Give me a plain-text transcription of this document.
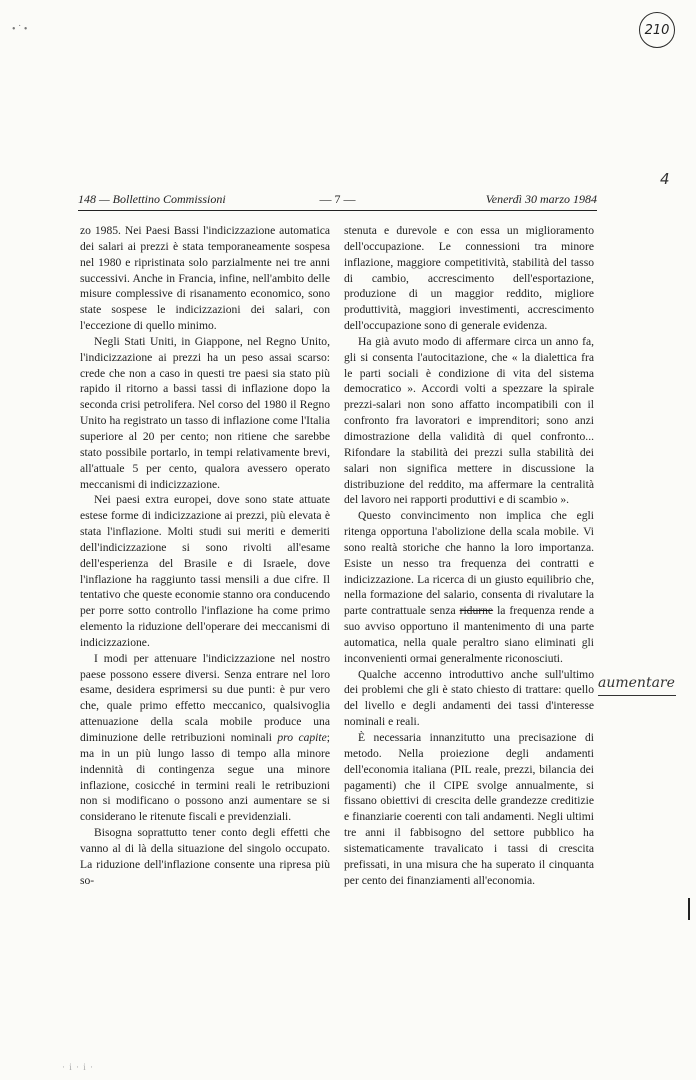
210
4
aumentare
• ˙ •
148 — Bollettino Commissioni	— 7 —	Venerdì 30 marzo 1984

zo 1985. Nei Paesi Bassi l'indicizzazione automatica dei salari ai prezzi è stata temporaneamente sospesa nel 1980 e ripristinata solo parzialmente nei tre anni successivi. Anche in Francia, infine, nell'ambito delle misure complessive di risanamento economico, sono state sospese le indicizzazioni dei salari, con l'eccezione di quello minimo.

Negli Stati Uniti, in Giappone, nel Regno Unito, l'indicizzazione ai prezzi ha un peso assai scarso: crede che non a caso in questi tre paesi sia stato più rapido il ritorno a bassi tassi di inflazione dopo la seconda crisi petrolifera. Nel corso del 1980 il Regno Unito ha registrato un tasso di inflazione come l'Italia superiore al 20 per cento; non ritiene che sarebbe stato possibile portarlo, in tempi relativamente brevi, all'attuale 5 per cento, qualora avessero operato meccanismi di indicizzazione.

Nei paesi extra europei, dove sono state attuate estese forme di indicizzazione ai prezzi, più elevata è stata l'inflazione. Molti studi sui meriti e demeriti dell'indicizzazione si sono rivolti all'esame dell'esperienza del Brasile e di Israele, dove l'inflazione ha raggiunto tassi mensili a due cifre. Il tentativo che queste economie stanno ora conducendo per porre sotto controllo l'inflazione ha come primo elemento la riduzione dell'operare dei meccanismi di indicizzazione.

I modi per attenuare l'indicizzazione nel nostro paese possono essere diversi. Senza entrare nel loro esame, desidera esprimersi su due punti: è pur vero che, quale primo effetto meccanico, qualsivoglia attenuazione della scala mobile produce una diminuzione delle retribuzioni nominali pro capite; ma in un più lungo lasso di tempo alla minore indennità di contingenza segue una minore inflazione, cosicché in termini reali le retribuzioni non si modificano o possono anzi aumentare se si considerano le ritenute fiscali e previdenziali.

Bisogna soprattutto tener conto degli effetti che vanno al di là della situazione del singolo occupato. La riduzione dell'inflazione consente una ripresa più so-

stenuta e durevole e con essa un miglioramento dell'occupazione. Le connessioni tra minore inflazione, maggiore competitività, stabilità del tasso di cambio, accrescimento dell'esportazione, produzione di un maggior reddito, migliore produttività, maggiori investimenti, accrescimento dell'occupazione sono di generale evidenza.

Ha già avuto modo di affermare circa un anno fa, gli si consenta l'autocitazione, che « la dialettica fra le parti sociali è condizione di vita del sistema democratico ». Accordi volti a spezzare la spirale prezzi-salari non sono affatto incompatibili con il confronto fra lavoratori e imprenditori; sono anzi dimostrazione della validità di quel confronto... Rifondare la stabilità dei prezzi sulla stabilità dei salari non significa mettere in discussione la distribuzione del reddito, ma affermare la centralità del lavoro nei rapporti produttivi e di scambio ».

Questo convincimento non implica che egli ritenga opportuna l'abolizione della scala mobile. Vi sono realtà storiche che hanno la loro importanza. Esiste un nesso tra frequenza dei contratti e indicizzazione. La ricerca di un giusto equilibrio che, nella formazione del salario, consenta di rivalutare la parte contrattuale senza ridurne la frequenza rende a suo avviso opportuno il mantenimento di una parte automatica, nella quale peraltro siano eliminati gli inconvenienti ormai generalmente riconosciuti.

Qualche accenno introduttivo anche sull'ultimo dei problemi che gli è stato chiesto di trattare: quello del livello e degli andamenti dei tassi d'interesse nominali e reali.

È necessaria innanzitutto una precisazione di metodo. Nella proiezione degli andamenti dell'economia italiana (PIL reale, prezzi, bilancia dei pagamenti) che il CIPE svolge annualmente, si fissano obiettivi di crescita delle grandezze creditizie e finanziarie coerenti con tali andamenti. Negli ultimi tre anni il fabbisogno del settore pubblico ha sistematicamente travalicato i tassi di crescita prefissati, in una misura che ha superato il cinquanta per cento dei finanziamenti all'economia.

· i · i ·
